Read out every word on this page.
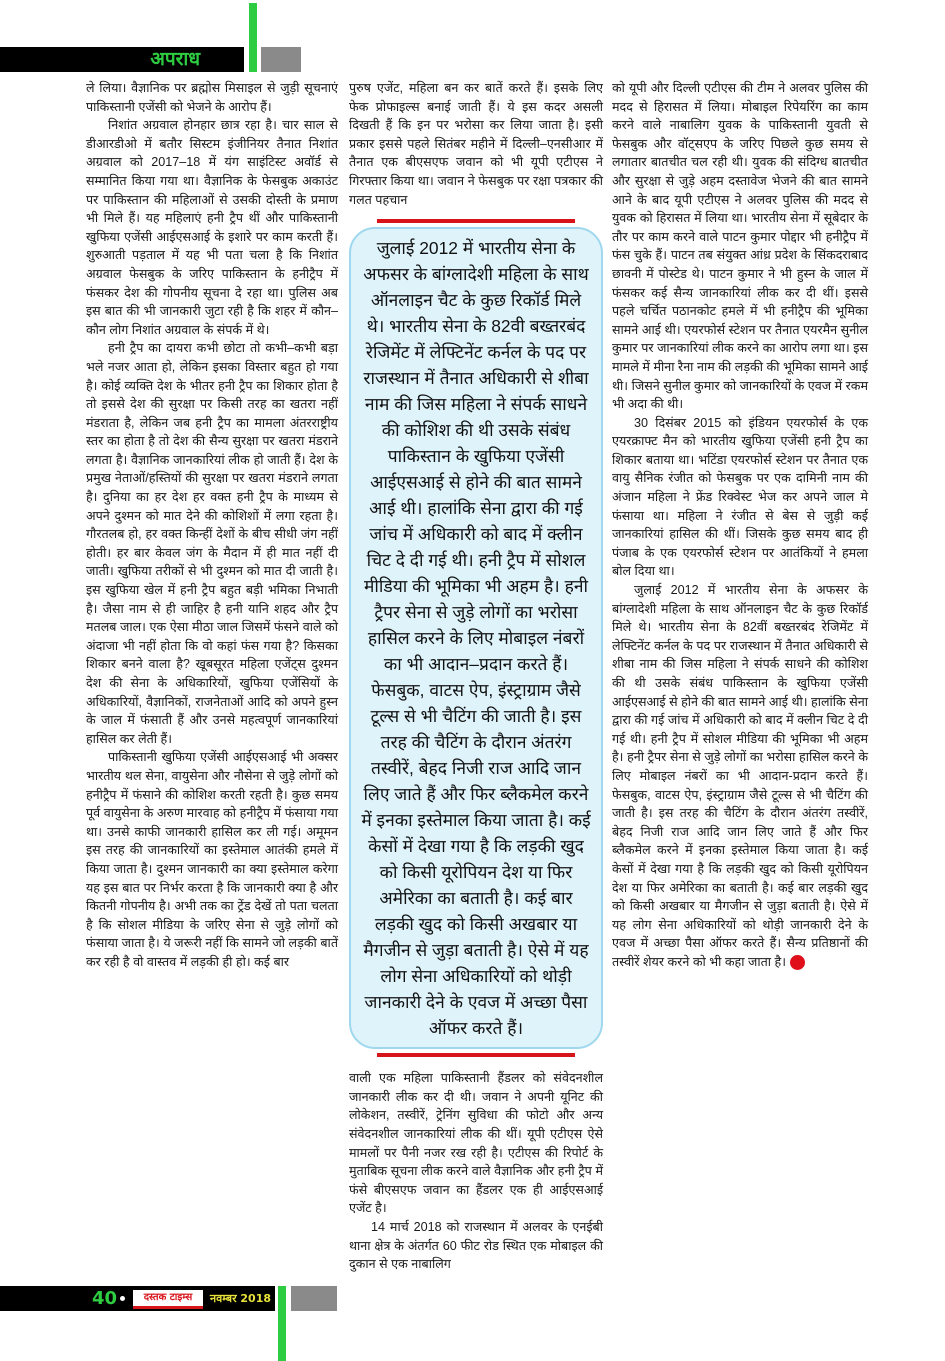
अपराध

ले लिया। वैज्ञानिक पर ब्रह्मोस मिसाइल से जुड़ी सूचनाएं पाकिस्तानी एजेंसी को भेजने के आरोप हैं।

निशांत अग्रवाल होनहार छात्र रहा है। चार साल से डीआरडीओ में बतौर सिस्टम इंजीनियर तैनात निशांत अग्रवाल को 2017–18 में यंग साइंटिस्ट अवॉर्ड से सम्मानित किया गया था। वैज्ञानिक के फेसबुक अकाउंट पर पाकिस्तान की महिलाओं से उसकी दोस्ती के प्रमाण भी मिले हैं। यह महिलाएं हनी ट्रैप थीं और पाकिस्तानी खुफिया एजेंसी आईएसआई के इशारे पर काम करती हैं। शुरुआती पड़ताल में यह भी पता चला है कि निशांत अग्रवाल फेसबुक के जरिए पाकिस्तान के हनीट्रैप में फंसकर देश की गोपनीय सूचना दे रहा था। पुलिस अब इस बात की भी जानकारी जुटा रही है कि शहर में कौन–कौन लोग निशांत अग्रवाल के संपर्क में थे।

हनी ट्रैप का दायरा कभी छोटा तो कभी–कभी बड़ा भले नजर आता हो, लेकिन इसका विस्तार बहुत हो गया है। कोई व्यक्ति देश के भीतर हनी ट्रैप का शिकार होता है तो इससे देश की सुरक्षा पर किसी तरह का खतरा नहीं मंडराता है, लेकिन जब हनी ट्रैप का मामला अंतरराष्ट्रीय स्तर का होता है तो देश की सैन्य सुरक्षा पर खतरा मंडराने लगता है। वैज्ञानिक जानकारियां लीक हो जाती हैं। देश के प्रमुख नेताओं/हस्तियों की सुरक्षा पर खतरा मंडराने लगता है। दुनिया का हर देश हर वक्त हनी ट्रैप के माध्यम से अपने दुश्मन को मात देने की कोशिशों में लगा रहता है। गौरतलब हो, हर वक्त किन्हीं देशों के बीच सीधी जंग नहीं होती। हर बार केवल जंग के मैदान में ही मात नहीं दी जाती। खुफिया तरीकों से भी दुश्मन को मात दी जाती है। इस खुफिया खेल में हनी ट्रैप बहुत बड़ी भमिका निभाती है। जैसा नाम से ही जाहिर है हनी यानि शहद और ट्रैप मतलब जाल। एक ऐसा मीठा जाल जिसमें फंसने वाले को अंदाजा भी नहीं होता कि वो कहां फंस गया है? किसका शिकार बनने वाला है? खूबसूरत महिला एजेंट्स दुश्मन देश की सेना के अधिकारियों, खुफिया एजेंसियों के अधिकारियों, वैज्ञानिकों, राजनेताओं आदि को अपने हुस्न के जाल में फंसाती हैं और उनसे महत्वपूर्ण जानकारियां हासिल कर लेती हैं।

पाकिस्तानी खुफिया एजेंसी आईएसआई भी अक्सर भारतीय थल सेना, वायुसेना और नौसेना से जुड़े लोगों को हनीट्रैप में फंसाने की कोशिश करती रहती है। कुछ समय पूर्व वायुसेना के अरुण मारवाह को हनीट्रैप में फंसाया गया था। उनसे काफी जानकारी हासिल कर ली गई। अमूमन इस तरह की जानकारियों का इस्तेमाल आतंकी हमले में किया जाता है। दुश्मन जानकारी का क्या इस्तेमाल करेगा यह इस बात पर निर्भर करता है कि जानकारी क्या है और कितनी गोपनीय है। अभी तक का ट्रेंड देखें तो पता चलता है कि सोशल मीडिया के जरिए सेना से जुड़े लोगों को फंसाया जाता है। ये जरूरी नहीं कि सामने जो लड़की बातें कर रही है वो वास्तव में लड़की ही हो। कई बार

पुरुष एजेंट, महिला बन कर बातें करते हैं। इसके लिए फेक प्रोफाइल्स बनाई जाती हैं। ये इस कदर असली दिखती हैं कि इन पर भरोसा कर लिया जाता है। इसी प्रकार इससे पहले सितंबर महीने में दिल्ली–एनसीआर में तैनात एक बीएसएफ जवान को भी यूपी एटीएस ने गिरफ्तार किया था। जवान ने फेसबुक पर रक्षा पत्रकार की गलत पहचान

जुलाई 2012 में भारतीय सेना के अफसर के बांग्लादेशी महिला के साथ ऑनलाइन चैट के कुछ रिकॉर्ड मिले थे। भारतीय सेना के 82वी बख्तरबंद रेजिमेंट में लेफ्टिनेंट कर्नल के पद पर राजस्थान में तैनात अधिकारी से शीबा नाम की जिस महिला ने संपर्क साधने की कोशिश की थी उसके संबंध पाकिस्तान के खुफिया एजेंसी आईएसआई से होने की बात सामने आई थी। हालांकि सेना द्वारा की गई जांच में अधिकारी को बाद में क्लीन चिट दे दी गई थी। हनी ट्रैप में सोशल मीडिया की भूमिका भी अहम है। हनी ट्रैपर सेना से जुड़े लोगों का भरोसा हासिल करने के लिए मोबाइल नंबरों का भी आदान–प्रदान करते हैं। फेसबुक, वाटस ऐप, इंस्ट्राग्राम जैसे टूल्स से भी चैटिंग की जाती है। इस तरह की चैटिंग के दौरान अंतरंग तस्वीरें, बेहद निजी राज आदि जान लिए जाते हैं और फिर ब्लैकमेल करने में इनका इस्तेमाल किया जाता है। कई केसों में देखा गया है कि लड़की खुद को किसी यूरोपियन देश या फिर अमेरिका का बताती है। कई बार लड़की खुद को किसी अखबार या मैगजीन से जुड़ा बताती है। ऐसे में यह लोग सेना अधिकारियों को थोड़ी जानकारी देने के एवज में अच्छा पैसा ऑफर करते हैं।

वाली एक महिला पाकिस्तानी हैंडलर को संवेदनशील जानकारी लीक कर दी थी। जवान ने अपनी यूनिट की लोकेशन, तस्वीरें, ट्रेनिंग सुविधा की फोटो और अन्य संवेदनशील जानकारियां लीक की थीं। यूपी एटीएस ऐसे मामलों पर पैनी नजर रख रही है। एटीएस की रिपोर्ट के मुताबिक सूचना लीक करने वाले वैज्ञानिक और हनी ट्रैप में फंसे बीएसएफ जवान का हैंडलर एक ही आईएसआई एजेंट है।

14 मार्च 2018 को राजस्थान में अलवर के एनईबी थाना क्षेत्र के अंतर्गत 60 फीट रोड स्थित एक मोबाइल की दुकान से एक नाबालिग

को यूपी और दिल्ली एटीएस की टीम ने अलवर पुलिस की मदद से हिरासत में लिया। मोबाइल रिपेयरिंग का काम करने वाले नाबालिग युवक के पाकिस्तानी युवती से फेसबुक और वॉट्सएप के जरिए पिछले कुछ समय से लगातार बातचीत चल रही थी। युवक की संदिग्ध बातचीत और सुरक्षा से जुड़े अहम दस्तावेज भेजने की बात सामने आने के बाद यूपी एटीएस ने अलवर पुलिस की मदद से युवक को हिरासत में लिया था। भारतीय सेना में सूबेदार के तौर पर काम करने वाले पाटन कुमार पोद्दार भी हनीट्रैप में फंस चुके हैं। पाटन तब संयुक्त आंध्र प्रदेश के सिंकदराबाद छावनी में पोस्टेड थे। पाटन कुमार ने भी हुस्न के जाल में फंसकर कई सैन्य जानकारियां लीक कर दी थीं। इससे पहले चर्चित पठानकोट हमले में भी हनीट्रैप की भूमिका सामने आई थी। एयरफोर्स स्टेशन पर तैनात एयरमैन सुनील कुमार पर जानकारियां लीक करने का आरोप लगा था। इस मामले में मीना रैना नाम की लड़की की भूमिका सामने आई थी। जिसने सुनील कुमार को जानकारियों के एवज में रकम भी अदा की थी।

30 दिसंबर 2015 को इंडियन एयरफोर्स के एक एयरक्राफ्ट मैन को भारतीय खुफिया एजेंसी हनी ट्रैप का शिकार बताया था। भटिंडा एयरफोर्स स्टेशन पर तैनात एक वायु सैनिक रंजीत को फेसबुक पर एक दामिनी नाम की अंजान महिला ने फ्रेंड रिक्वेस्ट भेज कर अपने जाल मे फंसाया था। महिला ने रंजीत से बेस से जुड़ी कई जानकारियां हासिल की थीं। जिसके कुछ समय बाद ही पंजाब के एक एयरफोर्स स्टेशन पर आतंकियों ने हमला बोल दिया था।

जुलाई 2012 में भारतीय सेना के अफसर के बांग्लादेशी महिला के साथ ऑनलाइन चैट के कुछ रिकॉर्ड मिले थे। भारतीय सेना के 82वीं बख्तरबंद रेजिमेंट में लेफ्टिनेंट कर्नल के पद पर राजस्थान में तैनात अधिकारी से शीबा नाम की जिस महिला ने संपर्क साधने की कोशिश की थी उसके संबंध पाकिस्तान के खुफिया एजेंसी आईएसआई से होने की बात सामने आई थी। हालांकि सेना द्वारा की गई जांच में अधिकारी को बाद में क्लीन चिट दे दी गई थी। हनी ट्रैप में सोशल मीडिया की भूमिका भी अहम है। हनी ट्रैपर सेना से जुड़े लोगों का भरोसा हासिल करने के लिए मोबाइल नंबरों का भी आदान-प्रदान करते हैं। फेसबुक, वाटस ऐप, इंस्ट्राग्राम जैसे टूल्स से भी चैटिंग की जाती है। इस तरह की चैटिंग के दौरान अंतरंग तस्वीरें, बेहद निजी राज आदि जान लिए जाते हैं और फिर ब्लैकमेल करने में इनका इस्तेमाल किया जाता है। कई केसों में देखा गया है कि लड़की खुद को किसी यूरोपियन देश या फिर अमेरिका का बताती है। कई बार लड़की खुद को किसी अखबार या मैगजीन से जुड़ा बताती है। ऐसे में यह लोग सेना अधिकारियों को थोड़ी जानकारी देने के एवज में अच्छा पैसा ऑफर करते हैं। सैन्य प्रतिष्ठानों की तस्वीरें शेयर करने को भी कहा जाता है।

40	दस्तक टाइम्स	नवम्बर 2018
